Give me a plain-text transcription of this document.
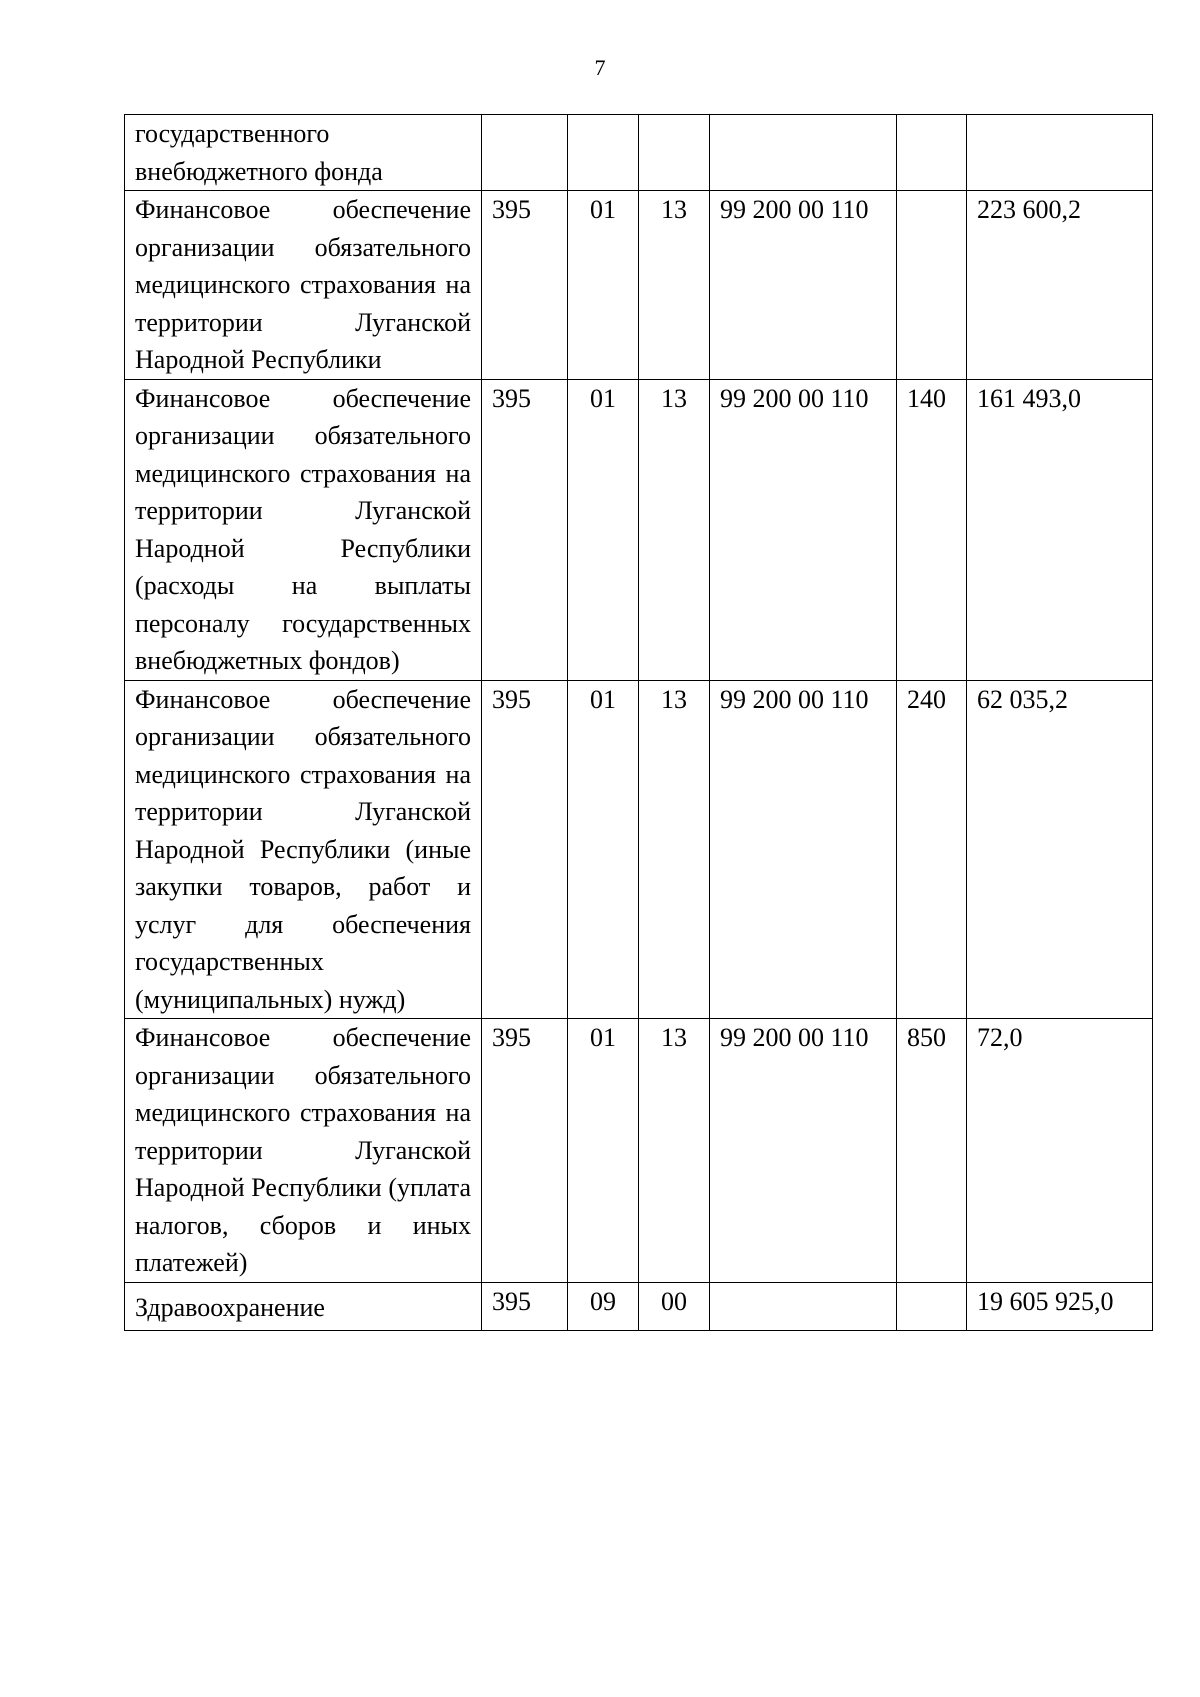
7
государственного внебюджетного фонда						
Финансовое обеспечение организации обязательного медицинского страхования на территории Луганской Народной Республики	395	01	13	99 200 00 110		223 600,2
Финансовое обеспечение организации обязательного медицинского страхования на территории Луганской Народной Республики (расходы на выплаты персоналу государственных внебюджетных фондов)	395	01	13	99 200 00 110	140	161 493,0
Финансовое обеспечение организации обязательного медицинского страхования на территории Луганской Народной Республики (иные закупки товаров, работ и услуг для обеспечения государственных (муниципальных) нужд)	395	01	13	99 200 00 110	240	62 035,2
Финансовое обеспечение организации обязательного медицинского страхования на территории Луганской Народной Республики (уплата налогов, сборов и иных платежей)	395	01	13	99 200 00 110	850	72,0
Здравоохранение	395	09	00			19 605 925,0
